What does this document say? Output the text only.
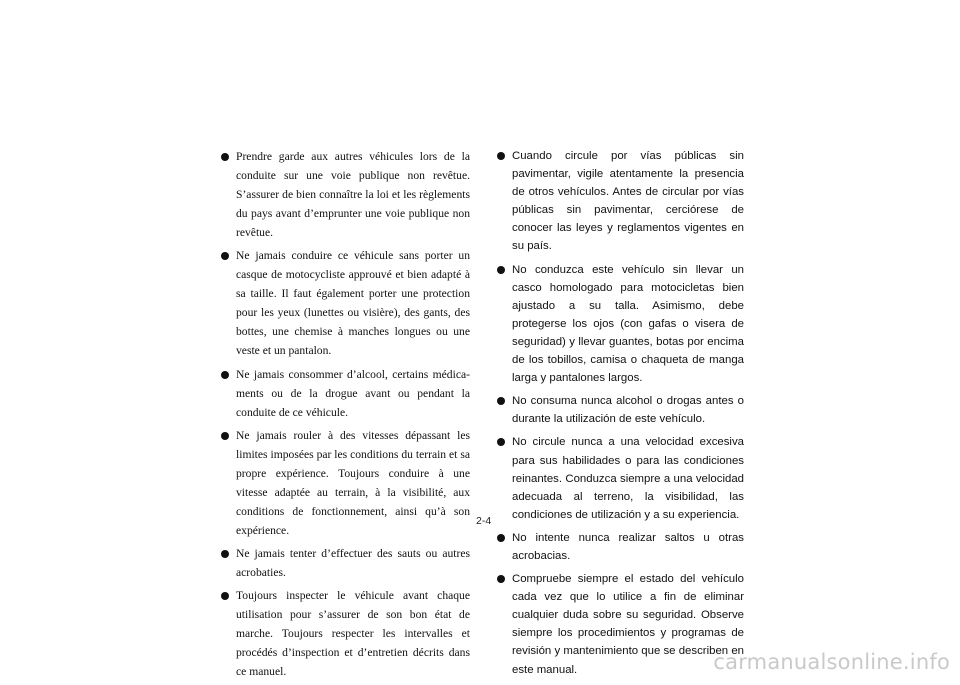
Prendre garde aux autres véhicules lors de la conduite sur une voie publique non revêtue. S’assurer de bien connaître la loi et les règlements du pays avant d’emprunter une voie publique non revêtue.
Ne jamais conduire ce véhicule sans porter un casque de motocycliste approuvé et bien adapté à sa taille. Il faut également porter une protection pour les yeux (lunettes ou visière), des gants, des bottes, une chemise à manches longues ou une veste et un pantalon.
Ne jamais consommer d’alcool, certains médicaments ou de la drogue avant ou pendant la conduite de ce véhicule.
Ne jamais rouler à des vitesses dépassant les limites imposées par les conditions du terrain et sa propre expérience. Toujours conduire à une vitesse adaptée au terrain, à la visibilité, aux conditions de fonctionnement, ainsi qu’à son expérience.
Ne jamais tenter d’effectuer des sauts ou autres acrobaties.
Toujours inspecter le véhicule avant chaque utilisation pour s’assurer de son bon état de marche. Toujours respecter les intervalles et procédés d’inspection et d’entretien décrits dans ce manuel.
Cuando circule por vías públicas sin pavimentar, vigile atentamente la presencia de otros vehículos. Antes de circular por vías públicas sin pavimentar, cerciórese de conocer las leyes y reglamentos vigentes en su país.
No conduzca este vehículo sin llevar un casco homologado para motocicletas bien ajustado a su talla. Asimismo, debe protegerse los ojos (con gafas o visera de seguridad) y llevar guantes, botas por encima de los tobillos, camisa o chaqueta de manga larga y pantalones largos.
No consuma nunca alcohol o drogas antes o durante la utilización de este vehículo.
No circule nunca a una velocidad excesiva para sus habilidades o para las condiciones reinantes. Conduzca siempre a una velocidad adecuada al terreno, la visibilidad, las condiciones de utilización y a su experiencia.
No intente nunca realizar saltos u otras acrobacias.
Compruebe siempre el estado del vehículo cada vez que lo utilice a fin de eliminar cualquier duda sobre su seguridad. Observe siempre los procedimientos y programas de revisión y mantenimiento que se describen en este manual.
2-4
carmanualsonline.info
